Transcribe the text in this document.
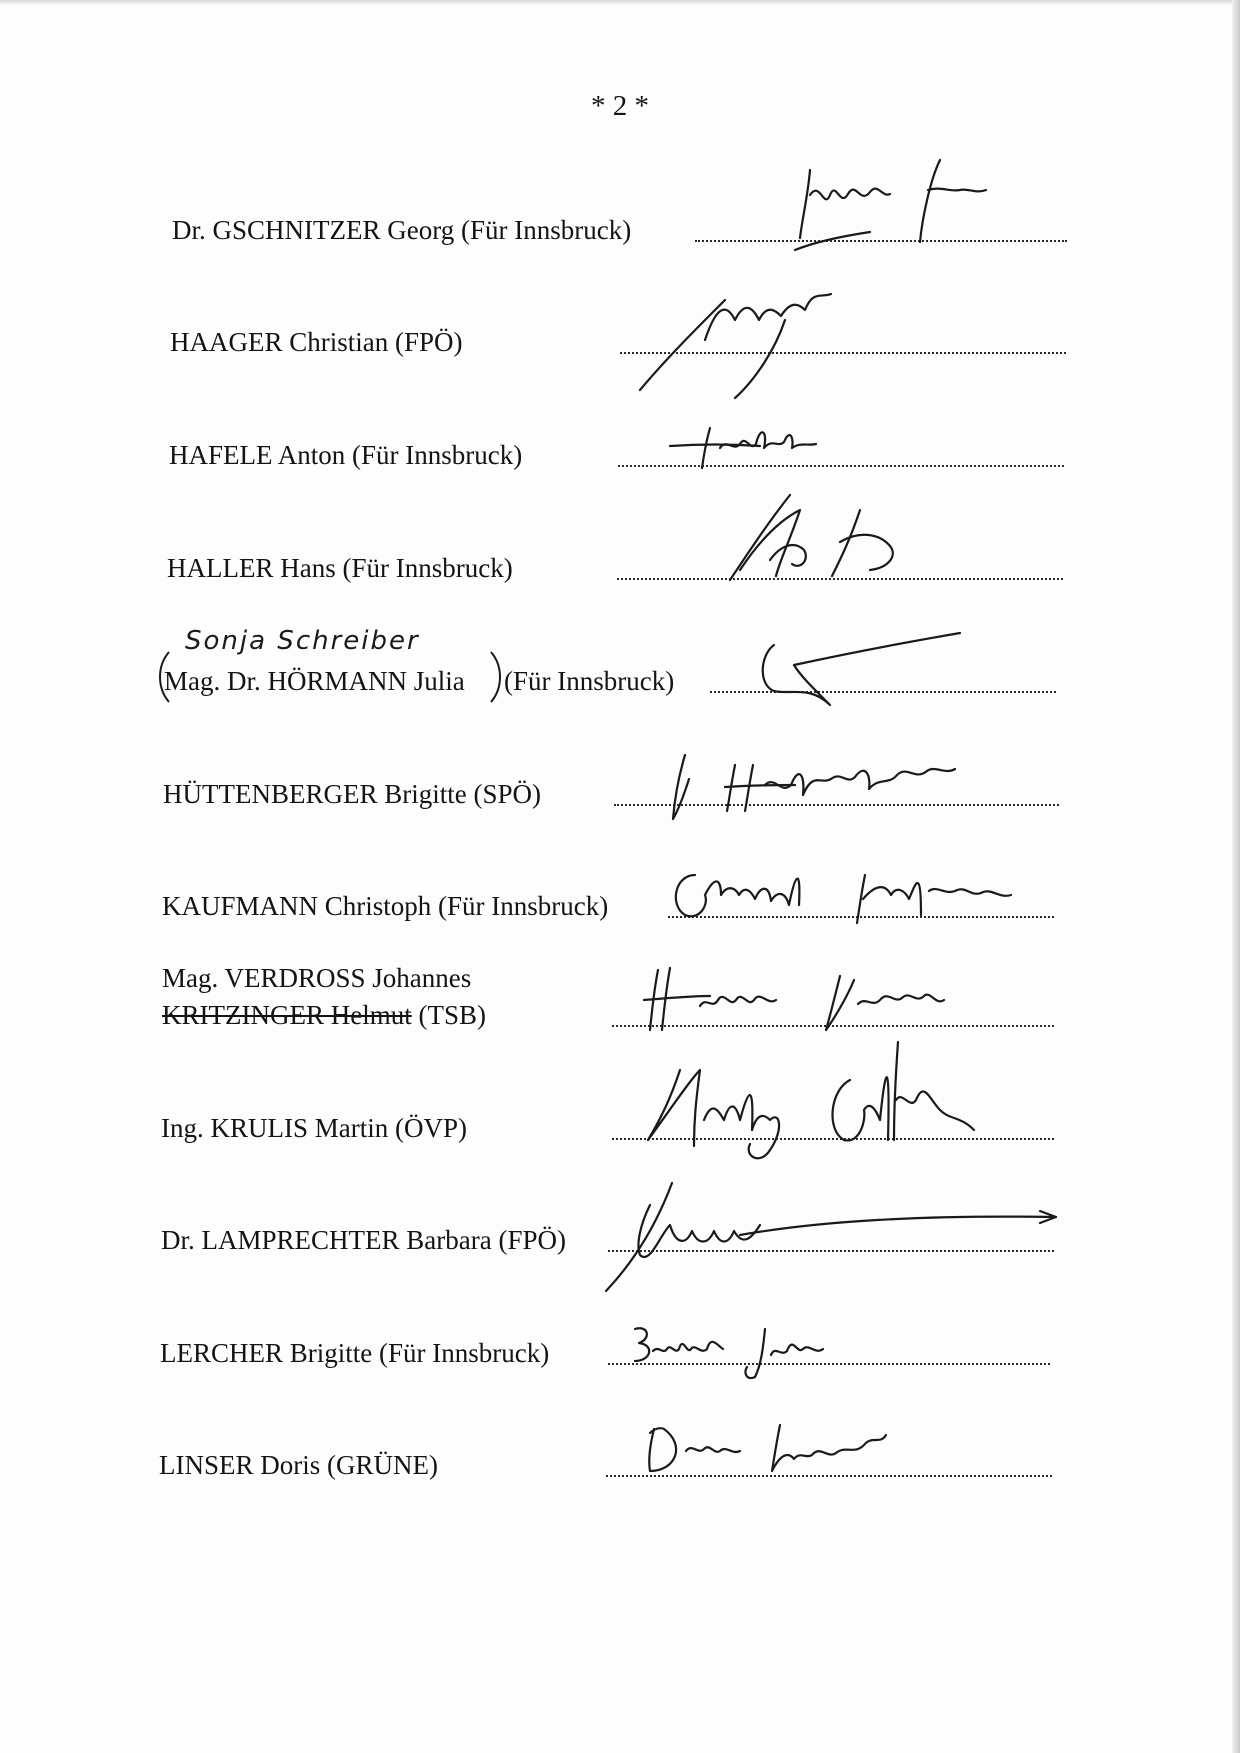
* 2 *
Dr. GSCHNITZER Georg (Für Innsbruck)
HAAGER Christian (FPÖ)
HAFELE Anton (Für Innsbruck)
HALLER Hans (Für Innsbruck)
Sonja Schreiber
Mag. Dr. HÖRMANN Julia (Für Innsbruck)
HÜTTENBERGER Brigitte (SPÖ)
KAUFMANN Christoph (Für Innsbruck)
Mag. VERDROSS Johannes
KRITZINGER Helmut (TSB)
Ing. KRULIS Martin (ÖVP)
Dr. LAMPRECHTER Barbara (FPÖ)
LERCHER Brigitte (Für Innsbruck)
LINSER Doris (GRÜNE)
